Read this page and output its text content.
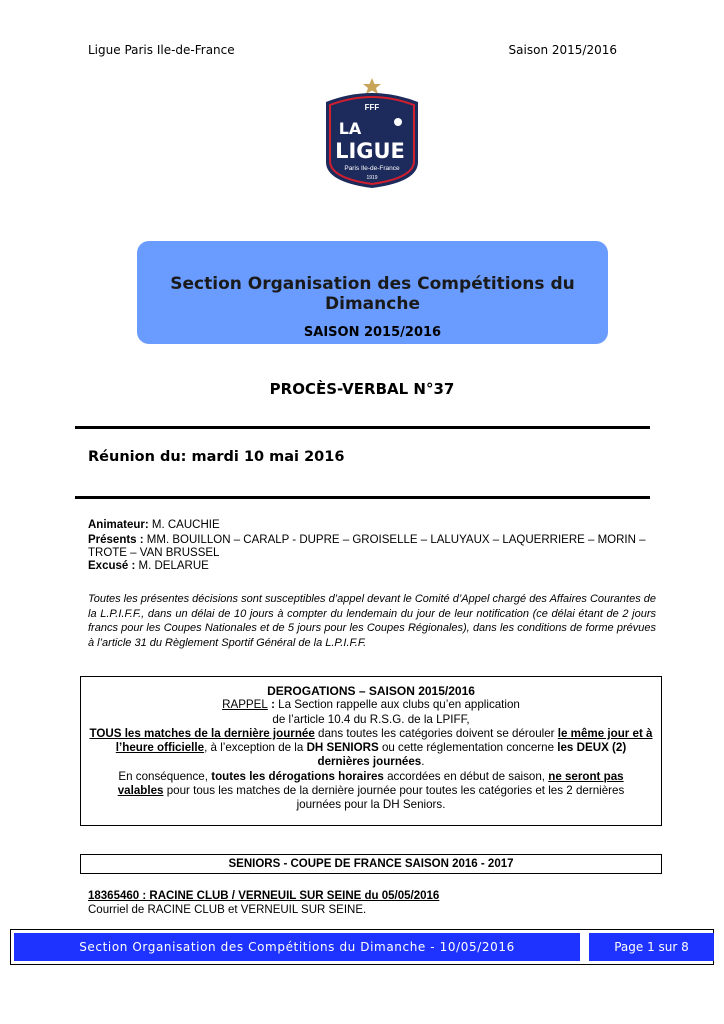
Ligue Paris Ile-de-France	Saison 2015/2016
FFF
LA
LIGUE
Paris Ile-de-France
1919
Section Organisation des Compétitions du Dimanche
SAISON 2015/2016
PROCÈS-VERBAL N°37
Réunion du: mardi 10 mai 2016
Animateur: M. CAUCHIE
Présents : MM. BOUILLON – CARALP - DUPRE – GROISELLE – LALUYAUX – LAQUERRIERE – MORIN – TROTE – VAN BRUSSEL
Excusé : M. DELARUE
Toutes les présentes décisions sont susceptibles d’appel devant le Comité d’Appel chargé des Affaires Courantes de la L.P.I.F.F., dans un délai de 10 jours à compter du lendemain du jour de leur notification (ce délai étant de 2 jours francs pour les Coupes Nationales et de 5 jours pour les Coupes Régionales), dans les conditions de forme prévues à l’article 31 du Règlement Sportif Général de la L.P.I.F.F.
DEROGATIONS – SAISON 2015/2016

RAPPEL : La Section rappelle aux clubs qu’en application

de l’article 10.4 du R.S.G. de la LPIFF,

TOUS les matches de la dernière journée dans toutes les catégories doivent se dérouler le même jour et à l’heure officielle, à l’exception de la DH SENIORS ou cette réglementation concerne les DEUX (2) dernières journées.

En conséquence, toutes les dérogations horaires accordées en début de saison, ne seront pas valables pour tous les matches de la dernière journée pour toutes les catégories et les 2 dernières journées pour la DH Seniors.

SENIORS - COUPE DE FRANCE SAISON 2016 - 2017
18365460 : RACINE CLUB / VERNEUIL SUR SEINE du 05/05/2016
Courriel de RACINE CLUB et VERNEUIL SUR SEINE.
Section Organisation des Compétitions du Dimanche - 10/05/2016	Page 1 sur 8
